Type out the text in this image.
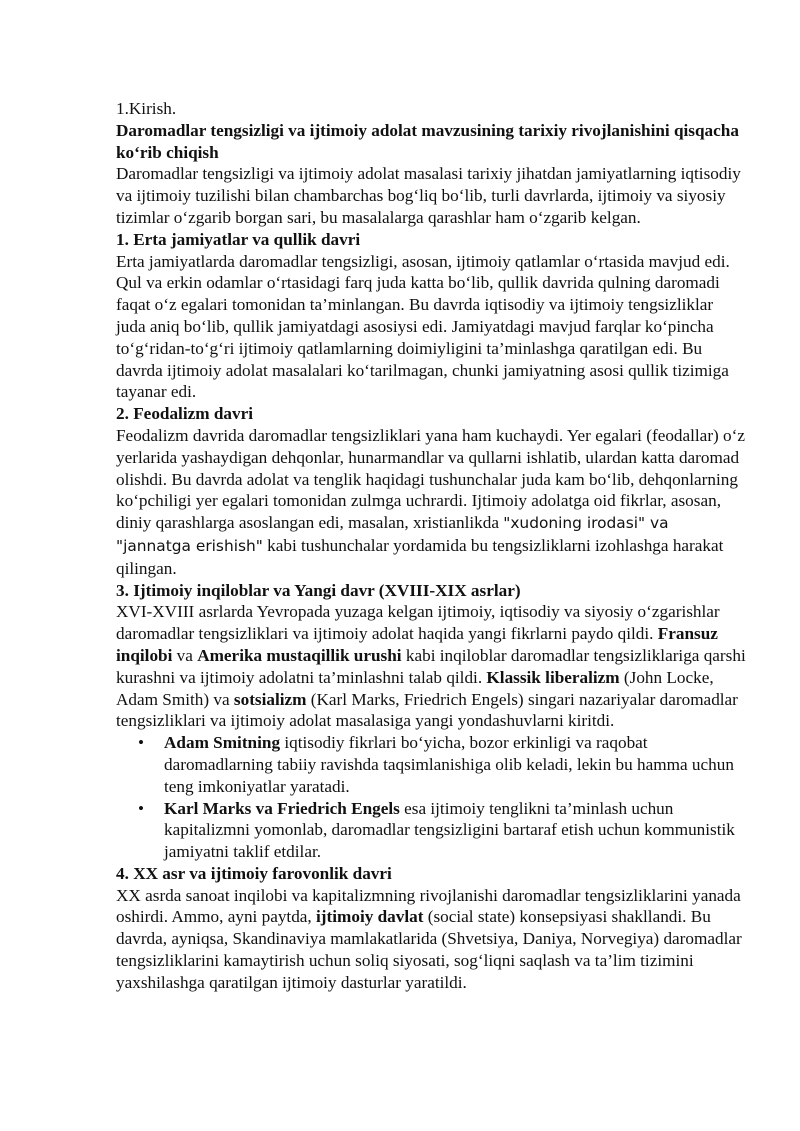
1.Kirish.

Daromadlar tengsizligi va ijtimoiy adolat mavzusining tarixiy rivojlanishini qisqacha ko‘rib chiqish

Daromadlar tengsizligi va ijtimoiy adolat masalasi tarixiy jihatdan jamiyatlarning iqtisodiy va ijtimoiy tuzilishi bilan chambarchas bog‘liq bo‘lib, turli davrlarda, ijtimoiy va siyosiy tizimlar o‘zgarib borgan sari, bu masalalarga qarashlar ham o‘zgarib kelgan.

1. Erta jamiyatlar va qullik davri

Erta jamiyatlarda daromadlar tengsizligi, asosan, ijtimoiy qatlamlar o‘rtasida mavjud edi. Qul va erkin odamlar o‘rtasidagi farq juda katta bo‘lib, qullik davrida qulning daromadi faqat o‘z egalari tomonidan ta’minlangan. Bu davrda iqtisodiy va ijtimoiy tengsizliklar juda aniq bo‘lib, qullik jamiyatdagi asosiysi edi. Jamiyatdagi mavjud farqlar ko‘pincha to‘g‘ridan-to‘g‘ri ijtimoiy qatlamlarning doimiyligini ta’minlashga qaratilgan edi. Bu davrda ijtimoiy adolat masalalari ko‘tarilmagan, chunki jamiyatning asosi qullik tizimiga tayanar edi.

2. Feodalizm davri

Feodalizm davrida daromadlar tengsizliklari yana ham kuchaydi. Yer egalari (feodallar) o‘z yerlarida yashaydigan dehqonlar, hunarmandlar va qullarni ishlatib, ulardan katta daromad olishdi. Bu davrda adolat va tenglik haqidagi tushunchalar juda kam bo‘lib, dehqonlarning ko‘pchiligi yer egalari tomonidan zulmga uchrardi. Ijtimoiy adolatga oid fikrlar, asosan, diniy qarashlarga asoslangan edi, masalan, xristianlikda "xudoning irodasi" va "jannatga erishish" kabi tushunchalar yordamida bu tengsizliklarni izohlashga harakat qilingan.

3. Ijtimoiy inqiloblar va Yangi davr (XVIII-XIX asrlar)

XVI-XVIII asrlarda Yevropada yuzaga kelgan ijtimoiy, iqtisodiy va siyosiy o‘zgarishlar daromadlar tengsizliklari va ijtimoiy adolat haqida yangi fikrlarni paydo qildi. Fransuz inqilobi va Amerika mustaqillik urushi kabi inqiloblar daromadlar tengsizliklariga qarshi kurashni va ijtimoiy adolatni ta’minlashni talab qildi. Klassik liberalizm (John Locke, Adam Smith) va sotsializm (Karl Marks, Friedrich Engels) singari nazariyalar daromadlar tengsizliklari va ijtimoiy adolat masalasiga yangi yondashuvlarni kiritdi.

• Adam Smitning iqtisodiy fikrlari bo‘yicha, bozor erkinligi va raqobat daromadlarning tabiiy ravishda taqsimlanishiga olib keladi, lekin bu hamma uchun teng imkoniyatlar yaratadi.
• Karl Marks va Friedrich Engels esa ijtimoiy tenglikni ta’minlash uchun kapitalizmni yomonlab, daromadlar tengsizligini bartaraf etish uchun kommunistik jamiyatni taklif etdilar.

4. XX asr va ijtimoiy farovonlik davri

XX asrda sanoat inqilobi va kapitalizmning rivojlanishi daromadlar tengsizliklarini yanada oshirdi. Ammo, ayni paytda, ijtimoiy davlat (social state) konsepsiyasi shakllandi. Bu davrda, ayniqsa, Skandinaviya mamlakatlarida (Shvetsiya, Daniya, Norvegiya) daromadlar tengsizliklarini kamaytirish uchun soliq siyosati, sog‘liqni saqlash va ta’lim tizimini yaxshilashga qaratilgan ijtimoiy dasturlar yaratildi.
